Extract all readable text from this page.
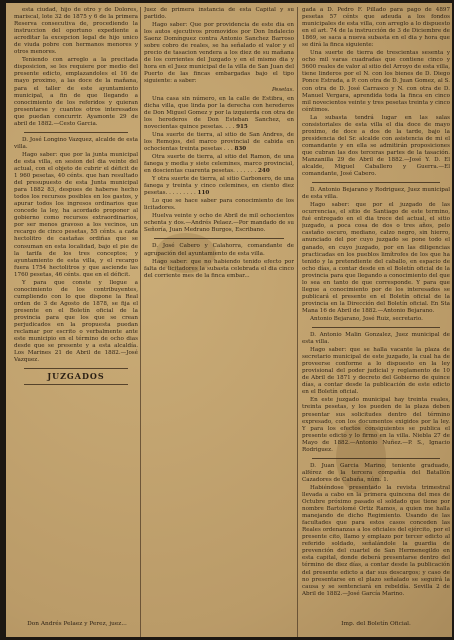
esta ciudad, hijo de otro y de Dolores, mariscal, lote 32 de 1875 y 6 de la primera Reserva consecutiva de, procediendo la instruccion del oportuno expediente a acreditar la excepcion legal de hijo unico de viuda pobre con hermanos menores y otros menores.

Teniendo con arreglo a la precitada disposicion, se les requiere por medio del presente edicto, emplazandoles el 16 de mayo proximo, a las doce de la mañana, para el taller de este ayuntamiento municipal, a fin de que llegando a conocimiento de los referidos y quieran presentarse y cuantos otros interesados que puedan concurrir. Ayamonte 29 de abril de 1882.—Cesto Garcia.

D. José Longino Vazquez, alcalde de esta villa.

Hago saber: que por la junta municipal de esta villa, en sesion del dia veinte del actual, con el objeto de cubrir el déficit de 1 960 pesetas, 40 cénts. que han resultado del presupuesto de esta Junta municipal para 1882 83, despues de haberse hecho todos los recursos posibles en los gastos, y apurar todos los ingresos ordinarios que concede la ley, ha acordado proponer al gobierno como recursos extraordinarios, por ser menos gravoso a los vecinos, un recargo de cinco pesetas, 55 cénts. a cada hectolitro de castañas ordiñas que se consuman en esta localidad, bajo el pie de la tarifa de los tres conceptos; y ayuntamiento de esta villa, y el recargo fuera 1754 hectolitros y que asciende las 1760 pesetas, 46 cénts. que en el déficit.

Y para que conste y llegue a conocimiento de los contribuyentes, cumpliendo con lo que dispone la Real orden de 3 de Agosto de 1878, se fija el presente en el Boletín oficial de la provincia para que los que se crean perjudicados en la propuesta puedan reclamar por escrito o verbalmente ante este municipio en el término de ocho dias desde que se presente y a esta alcaldía. Los Marines 21 de Abril de 1882.—José Vazquez.

JUZGADOS
Don Andrés Pelaez y Perez, juez...

Juez de primera instancia de esta Capital y su partido.

Hago saber: Que por providencia de este dia en los autos ejecutivos promovidos por Don Indalecio Saenz Domínguez contra Antonio Sanchez Barroso sobre cobro de reales, se ha señalado el valor y el precio de tasacion vendera a los diez de su mañana de los corrientes del Juzgado y en el mismo dia y hora en el Juez municipal de la villa de San Juan del Puerto de las fincas embargadas bajo el tipo siguiente: a saber:

Pesetas.

Una casa sin número, en la calle de Estibra, en dicha villa, que linda por la derecha con herederos de Don Miguel Gomez y por la izquierda con otra de los herederos de Don Esteban Sanchez, en novecientas quince pesetas. . . . 915

Una suerte de tierra, al sitio de San Andres, de los Remojos, del marco provincial de cabida en ochocientas treinta pesetas . . . 830

Otra suerte de tierra, al sitio del Ramon, de una fanega y media y siete celemines, marco provincial, en doscientas cuarenta pesetas. . . . . . . 240

Y otra suerte de tierra, al sitio Carbonero, de una fanega y treinta y cinco celemines, en ciento diez pesetas. . . . . . . . . 110

Lo que se hace saber para conocimiento de los licitadores.

Huelva veinte y ocho de Abril de mil ochocientos ochenta y dos.—Andrés Pelaez.—Por mandado de su Señoría, Juan Medrano Burgos, Escribano.

D. José Cabero y Calahorra, comandante de agrupación del ayuntamiento de esta villa.

Hago saber: que no habiendo tenido efecto por falta de licitadores la subasta celebrada el dia cinco del corriente mes de la finca embar...

gada a D. Pedro F. Pillado para pago de 4897 pesetas 57 cénts que adeuda a los fondos municipales de esta villa, con arreglo a lo dispuesto en el art. 74 de la instrucción de 3 de Diciembre de 1869, se saca a nueva subasta en el dia y hora que se dirá la finca siguiente:

Una suerte de tierra de trescientas sesenta y ocho mil varas cuadradas que contiene cinco y 5600 reales de valor al sitio del Arroyo de esta villa, tiene linderos por el N. con los bienes de D. Diego Ponce Estrada, a P. con otra de D. Juan Gomez, al S. con otra de D. José Carrasco y N. con otra de D. Manuel Vergara, aprendida toda la finca en cinco mil novecientos veinte y tres pesetas treinta y cinco céntimos.

La subasta tendrá lugar en las salas consistoriales de esta villa el dia doce de mayo proximo, de doce a dos de la tarde, bajo la presidencia del Sr. alcalde con asistencia de mi el comandante y en ella se admitirán proposiciones que cubran las dos terceras partes de la tasación. Manzanilla 29 de Abril de 1882.—José Y. D. El alcalde, Miguel Caballero y Guerra.—El comandante, José Cabero.

D. Antonio Bejarano y Rodriguez, Juez municipal de esta villa.

Hago saber: que por el juzgado de las ocurrencias, el sitio de Santiago de este termino, fué entregado en el dia trece del actual, el sitio juzgado, a poca cosa de dos o tres años, pelo castaño oscuro, mediano, calzo negro, sin hierro, anunciado del por cuyo juzgado se pone todo el ganado, en cuyo juzgado, por en las diligencias practicadas en los pueblos limítrofes de los que ha tenido y la pretendiente del caballo, en espacio de ocho días, a contar desde en el Boletín oficial de la provincia para que llegando a conocimiento del que lo sea en tanto de que corresponde. Y para que llegue a conocimiento por de los interesados se publicará el presente en el Boletín oficial de la provincia en la Dirección del Boletín oficial. En Sta Mana 16 de Abril de 1882.—Antonio Bejarano.

Antonio Bejarano, José Ruiz, secretario.

D. Antonio Malin Gonzalez, Juez municipal de esta villa.

Hago saber: que se halla vacante la plaza de secretario municipal de este juzgado, la cual ha de proveerse conforme a lo dispuesto en la ley provisional del poder judicial y reglamento de 10 de Abril de 1871 y decreto del Gobierno de quince días, a contar desde la publicación de este edicto en el Boletín oficial.

En este juzgado municipal hay treinta reales, treinta pesetas, y los pueden de la plaza deben presentar sus solicitudes dentro del término expresado, con los documentos exigidos por la ley. Y para los efectos consiguientes se publica el presente edicto y lo firmo en la villa. Niebla 27 de Mayo de 1882.—Antonio Nuñez.—P. S., Ignacio Rodriguez.

D. Juan Garcia Marino, teniente graduado, alférez de la tercera compañía del Batallón Cazadores de Cabaña, núm. 1.

Habiéndose presentado la revista trimestral llevada a cabo en la primera quincena del mes de Octubre próximo pasado el soldado que tiene por nombre Bartolomé Ortiz Ramos, a quien me halla manejando de dicho Regimiento. Usando de las facultades que para estos casos conceden las Reales ordenanzas a los oficiales del ejército, por el presente cito, llamo y emplazo por tercer edicto al referido soldado, señalándole la guardia de prevención del cuartel de San Hermenegildo en esta capital, donde deberá presentarse dentro del término de diez días, a contar desde la publicación del presente edicto a dar sus descargos; y caso de no presentarse en el plazo señalado se seguirá la causa y se sentenciará en rebeldía. Sevilla 2 de Abril de 1882.—José García Marino.

Imp. del Boletín Oficial.
